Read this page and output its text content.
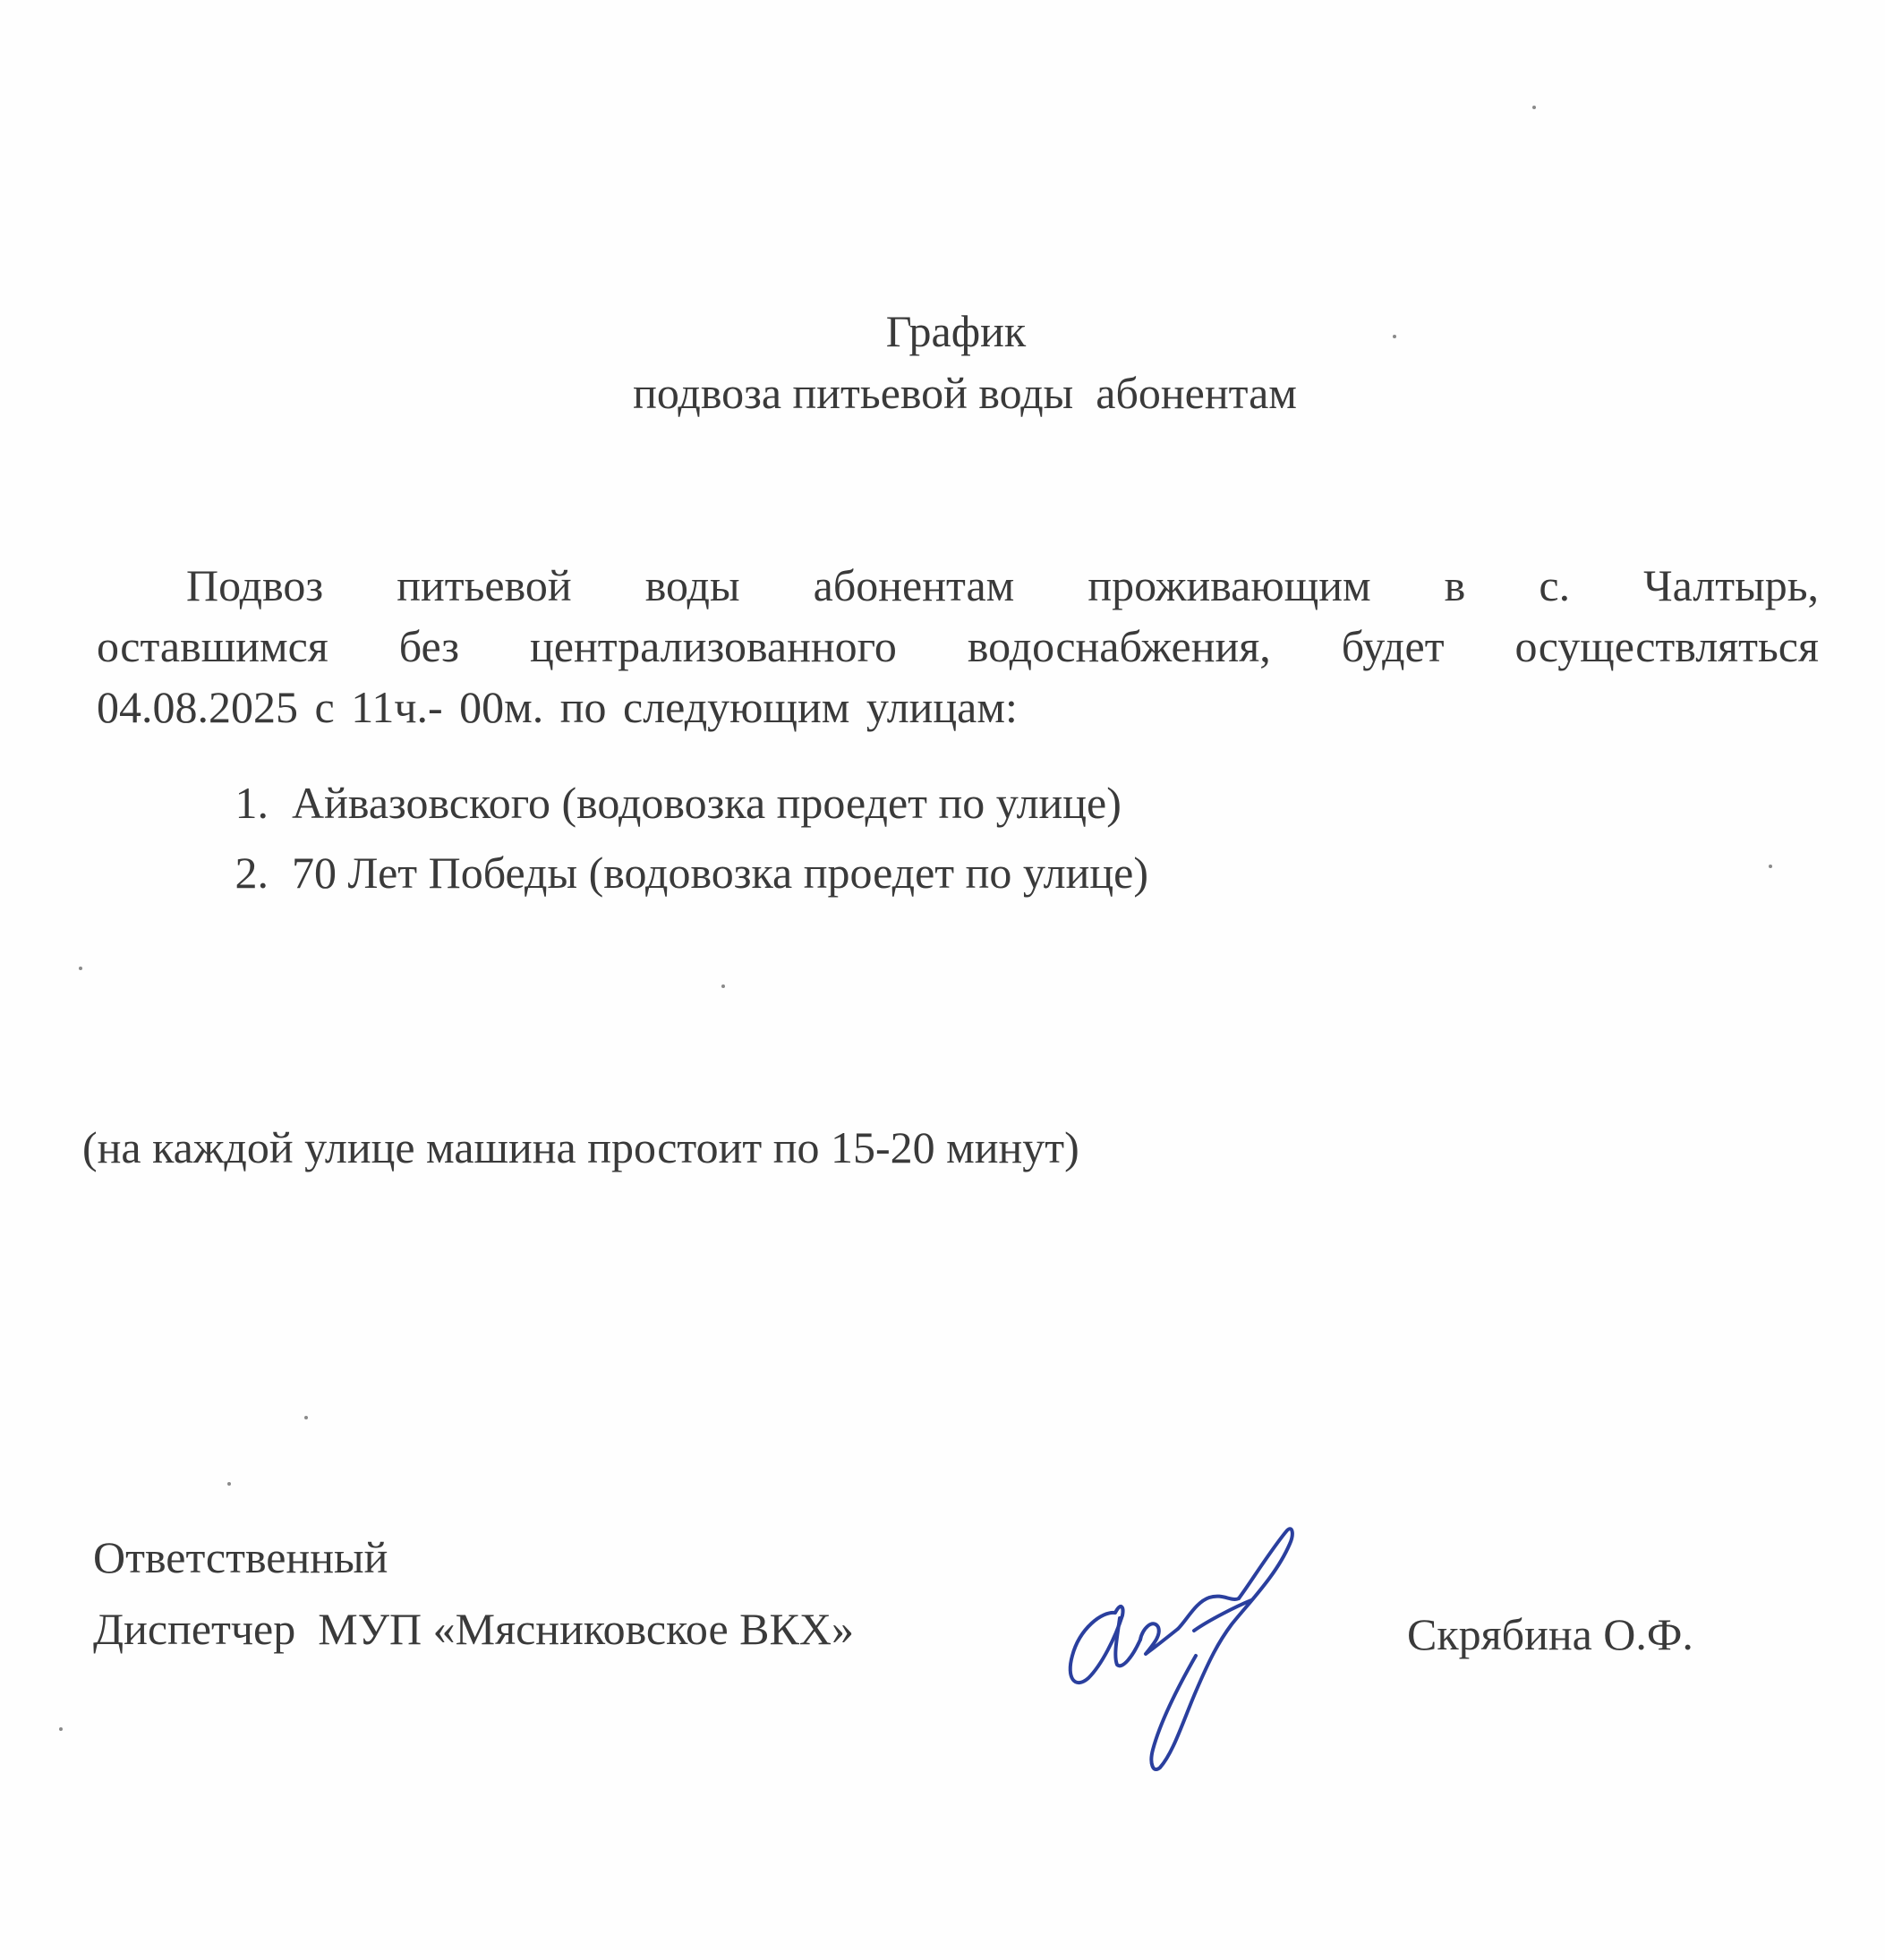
График
подвоза питьевой воды  абонентам
Подвоз питьевой воды абонентам проживающим в с. Чалтырь,
оставшимся без централизованного водоснабжения, будет осуществляться
04.08.2025 с 11ч.- 00м. по следующим улицам:
1. Айвазовского (водовозка проедет по улице)
2. 70 Лет Победы (водовозка проедет по улице)

(на каждой улице машина простоит по 15-20 минут)

Ответственный

Диспетчер  МУП «Мясниковское ВКХ»	Скрябина О.Ф.
